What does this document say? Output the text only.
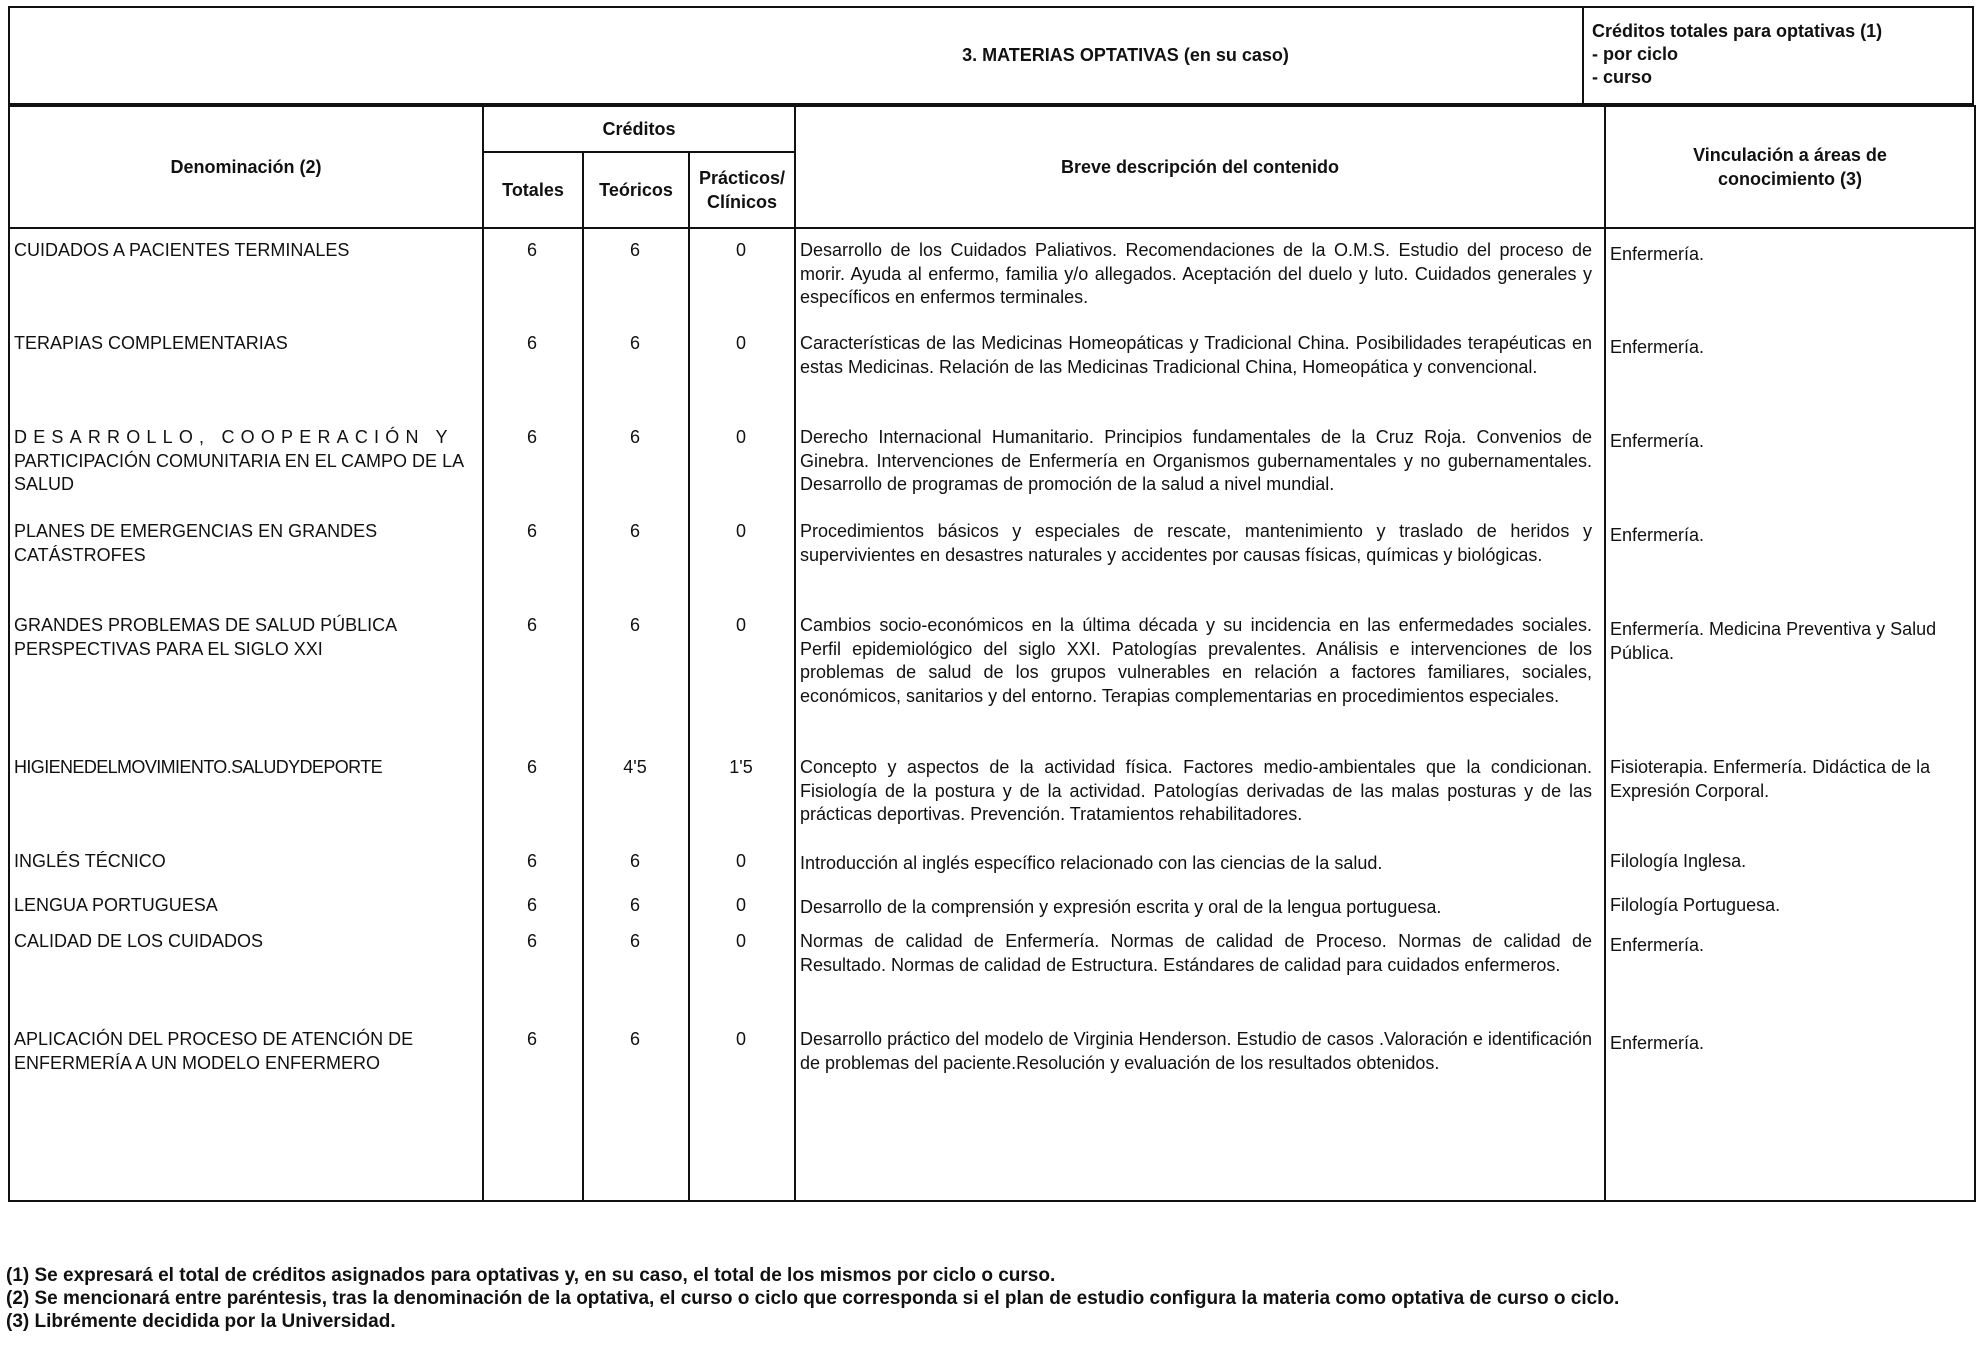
3. MATERIAS OPTATIVAS (en su caso)	
Créditos totales para optativas (1)
- por ciclo
- curso
Denominación (2)	Créditos			Breve descripción del contenido	Vinculación a áreas de
conocimiento (3)

	Totales	Teóricos	Prácticos/
Clínicos		

CUIDADOS A PACIENTES TERMINALES	6	6	0	Desarrollo de los Cuidados Paliativos. Recomendaciones de la O.M.S. Estudio del proceso de morir. Ayuda al enfermo, familia y/o allegados. Aceptación del duelo y luto. Cuidados generales y específicos en enfermos terminales.	Enfermería.
TERAPIAS COMPLEMENTARIAS	6	6	0	Características de las Medicinas Homeopáticas y Tradicional China. Posibilidades terapéuticas en estas Medicinas. Relación de las Medicinas Tradicional China, Homeopática y convencional.	Enfermería.

DESARROLLO, COOPERACIÓN Y
PARTICIPACIÓN COMUNITARIA EN EL CAMPO DE LA SALUD	6	6	0	Derecho Internacional Humanitario. Principios fundamentales de la Cruz Roja. Convenios de Ginebra. Intervenciones de Enfermería en Organismos gubernamentales y no gubernamentales. Desarrollo de programas de promoción de la salud a nivel mundial.	Enfermería.
PLANES DE EMERGENCIAS EN GRANDES CATÁSTROFES	6	6	0	Procedimientos básicos y especiales de rescate, mantenimiento y traslado de heridos y supervivientes en desastres naturales y accidentes por causas físicas, químicas y biológicas.	Enfermería.
GRANDES PROBLEMAS DE SALUD PÚBLICA PERSPECTIVAS PARA EL SIGLO XXI	6	6	0	Cambios socio-económicos en la última década y su incidencia en las enfermedades sociales. Perfil epidemiológico del siglo XXI. Patologías prevalentes. Análisis e intervenciones de los problemas de salud de los grupos vulnerables en relación a factores familiares, sociales, económicos, sanitarios y del entorno. Terapias complementarias en procedimientos especiales.	Enfermería. Medicina Preventiva y Salud Pública.
HIGIENEDELMOVIMIENTO.SALUDYDEPORTE	6	4'5	1'5	Concepto y aspectos de la actividad física. Factores medio-ambientales que la condicionan. Fisiología de la postura y de la actividad. Patologías derivadas de las malas posturas y de las prácticas deportivas. Prevención. Tratamientos rehabilitadores.	Fisioterapia. Enfermería. Didáctica de la Expresión Corporal.
INGLÉS TÉCNICO	6	6	0	Introducción al inglés específico relacionado con las ciencias de la salud.	Filología Inglesa.
LENGUA PORTUGUESA	6	6	0	Desarrollo de la comprensión y expresión escrita y oral de la lengua portuguesa.	Filología Portuguesa.
CALIDAD DE LOS CUIDADOS	6	6	0	Normas de calidad de Enfermería. Normas de calidad de Proceso. Normas de calidad de Resultado. Normas de calidad de Estructura. Estándares de calidad para cuidados enfermeros.	Enfermería.
APLICACIÓN DEL PROCESO DE ATENCIÓN DE ENFERMERÍA A UN MODELO ENFERMERO	6	6	0	Desarrollo práctico del modelo de Virginia Henderson. Estudio de casos .Valoración e identificación de problemas del paciente.Resolución y evaluación de los resultados obtenidos.	Enfermería.
(1) Se expresará el total de créditos asignados para optativas y, en su caso, el total de los mismos por ciclo o curso.
(2) Se mencionará entre paréntesis, tras la denominación de la optativa, el curso o ciclo que corresponda si el plan de estudio configura la materia como optativa de curso o ciclo.
(3) Librémente decidida por la Universidad.
